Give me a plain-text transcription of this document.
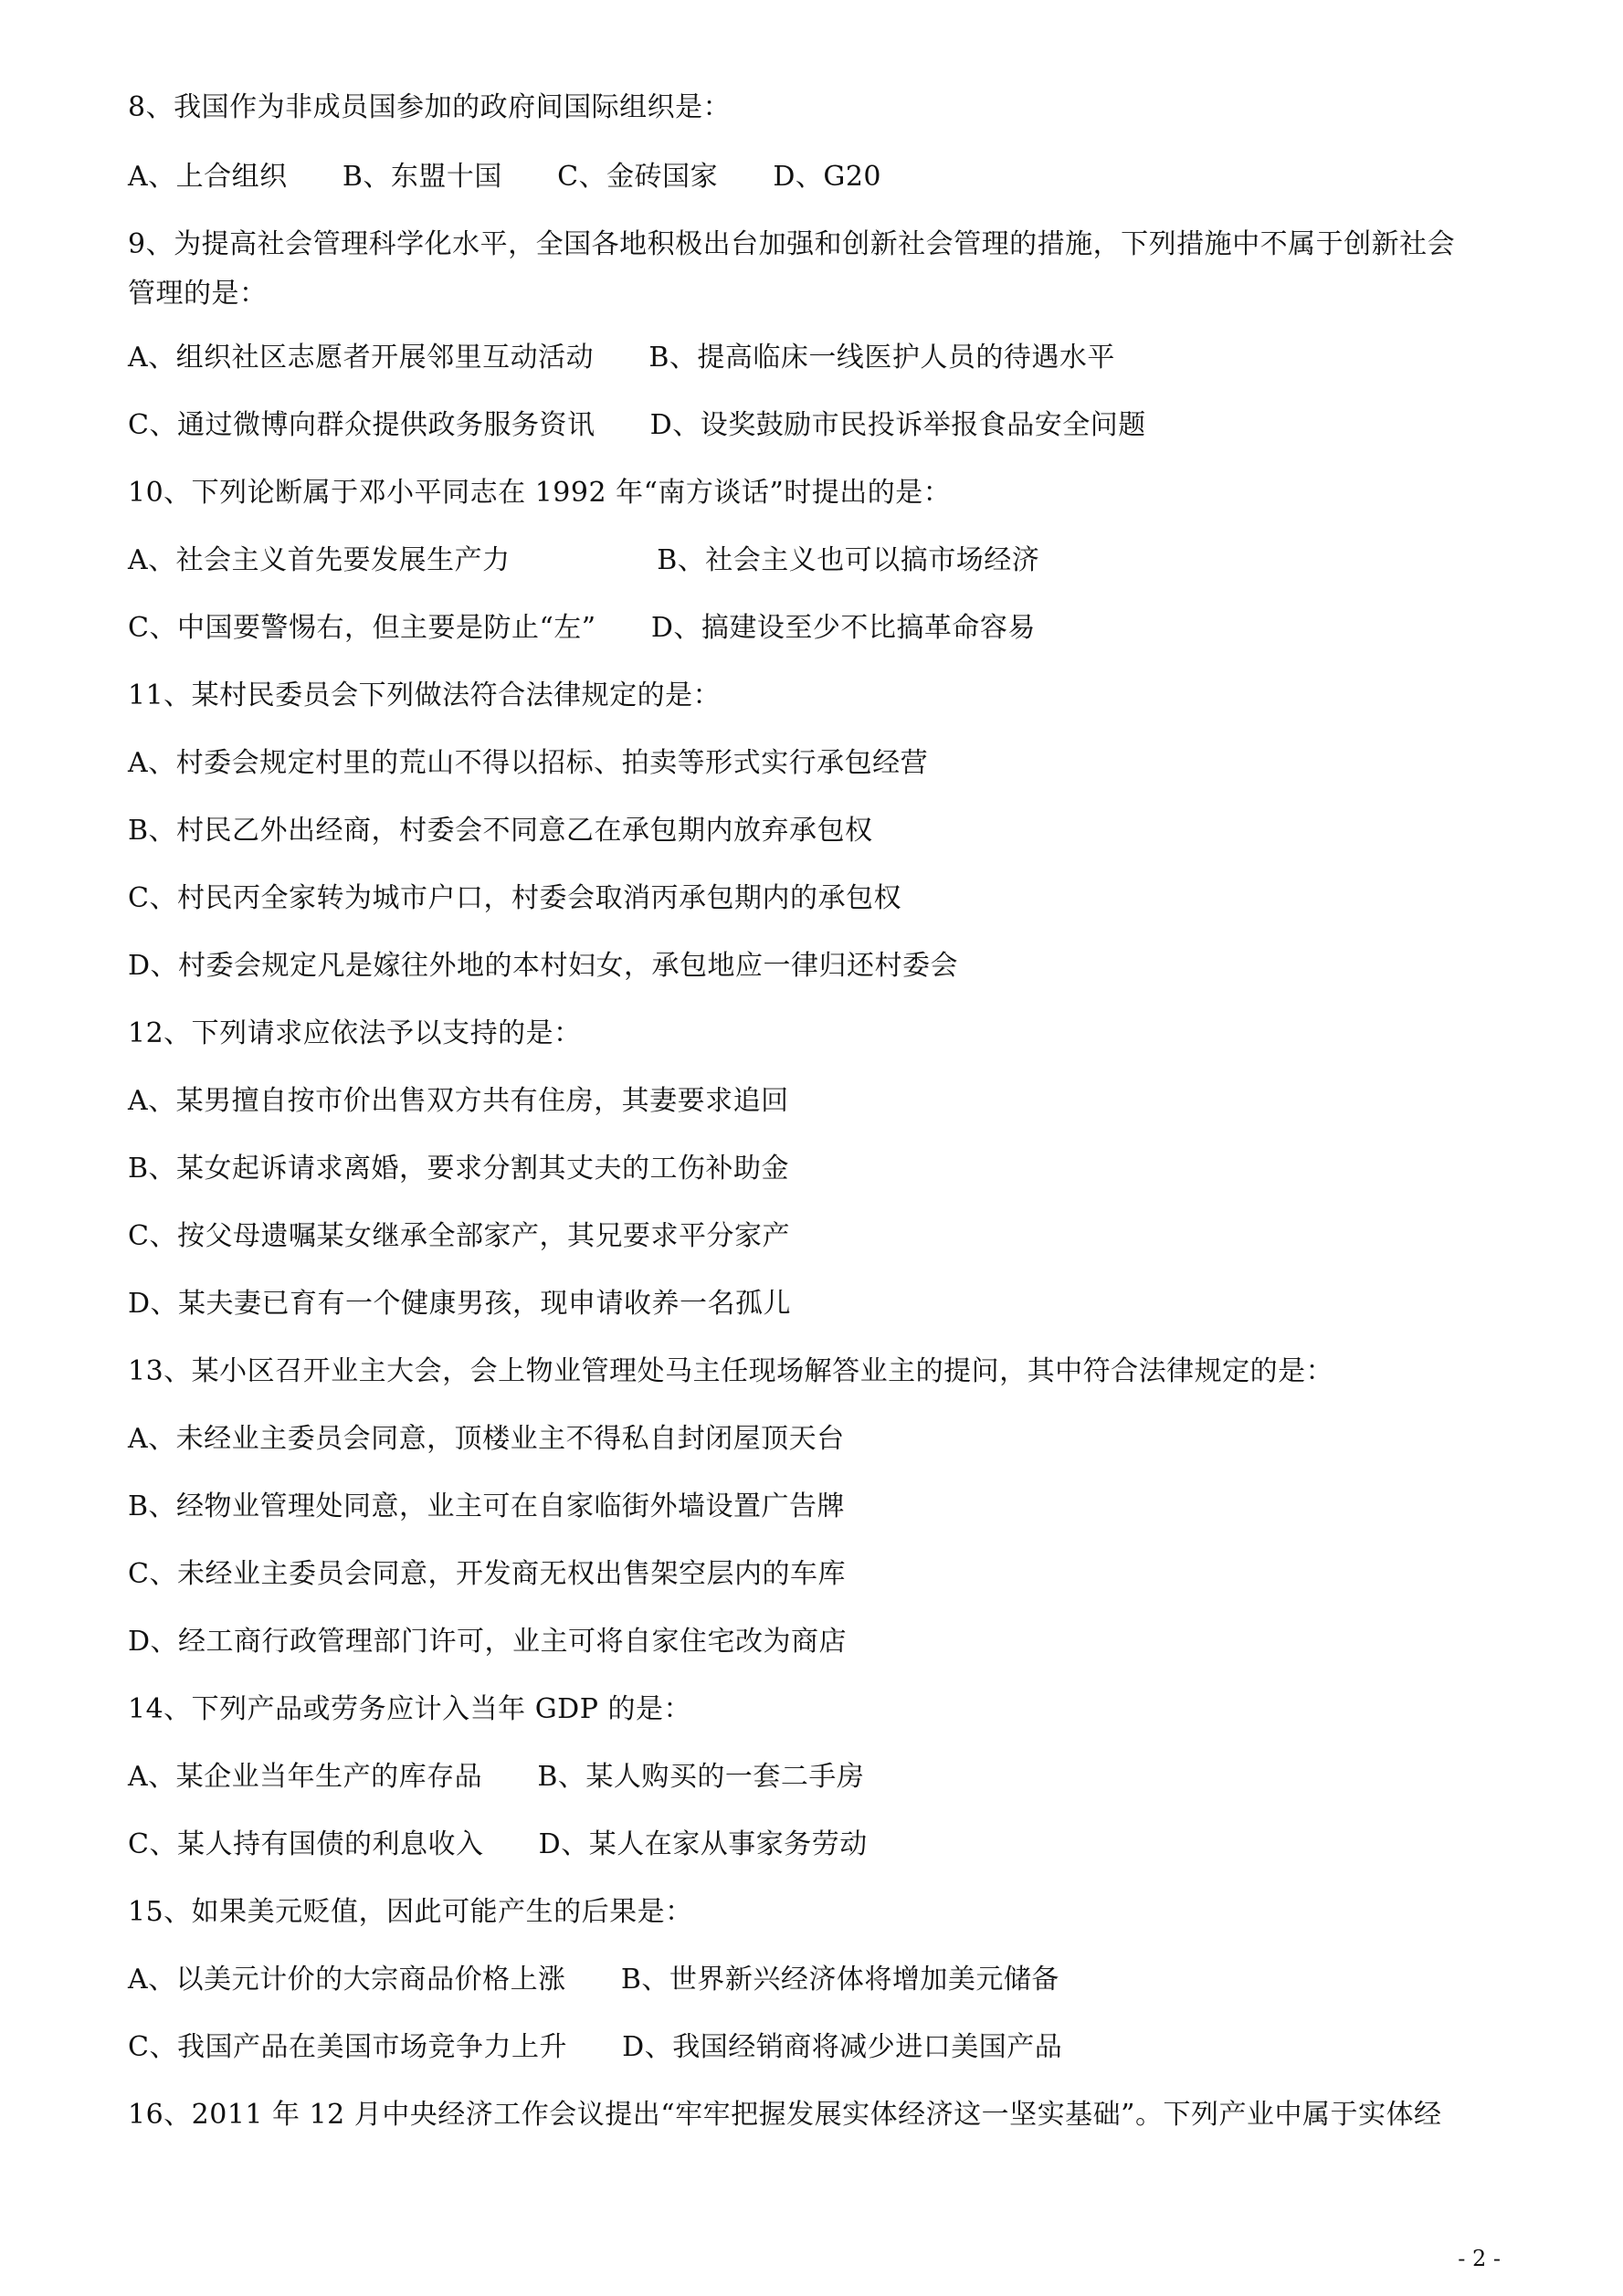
8、我国作为非成员国参加的政府间国际组织是：
A、上合组织      B、东盟十国      C、金砖国家      D、G20
9、为提高社会管理科学化水平，全国各地积极出台加强和创新社会管理的措施，下列措施中不属于创新社会
管理的是：
A、组织社区志愿者开展邻里互动活动      B、提高临床一线医护人员的待遇水平
C、通过微博向群众提供政务服务资讯      D、设奖鼓励市民投诉举报食品安全问题
10、下列论断属于邓小平同志在 1992 年“南方谈话”时提出的是：
A、社会主义首先要发展生产力                B、社会主义也可以搞市场经济
C、中国要警惕右，但主要是防止“左”      D、搞建设至少不比搞革命容易
11、某村民委员会下列做法符合法律规定的是：
A、村委会规定村里的荒山不得以招标、拍卖等形式实行承包经营
B、村民乙外出经商，村委会不同意乙在承包期内放弃承包权
C、村民丙全家转为城市户口，村委会取消丙承包期内的承包权
D、村委会规定凡是嫁往外地的本村妇女，承包地应一律归还村委会
12、下列请求应依法予以支持的是：
A、某男擅自按市价出售双方共有住房，其妻要求追回
B、某女起诉请求离婚，要求分割其丈夫的工伤补助金
C、按父母遗嘱某女继承全部家产，其兄要求平分家产
D、某夫妻已育有一个健康男孩，现申请收养一名孤儿
13、某小区召开业主大会，会上物业管理处马主任现场解答业主的提问，其中符合法律规定的是：
A、未经业主委员会同意，顶楼业主不得私自封闭屋顶天台
B、经物业管理处同意，业主可在自家临街外墙设置广告牌
C、未经业主委员会同意，开发商无权出售架空层内的车库
D、经工商行政管理部门许可，业主可将自家住宅改为商店
14、下列产品或劳务应计入当年 GDP 的是：
A、某企业当年生产的库存品      B、某人购买的一套二手房
C、某人持有国债的利息收入      D、某人在家从事家务劳动
15、如果美元贬值，因此可能产生的后果是：
A、以美元计价的大宗商品价格上涨      B、世界新兴经济体将增加美元储备
C、我国产品在美国市场竞争力上升      D、我国经销商将减少进口美国产品
16、2011 年 12 月中央经济工作会议提出“牢牢把握发展实体经济这一坚实基础”。下列产业中属于实体经
- 2 -
